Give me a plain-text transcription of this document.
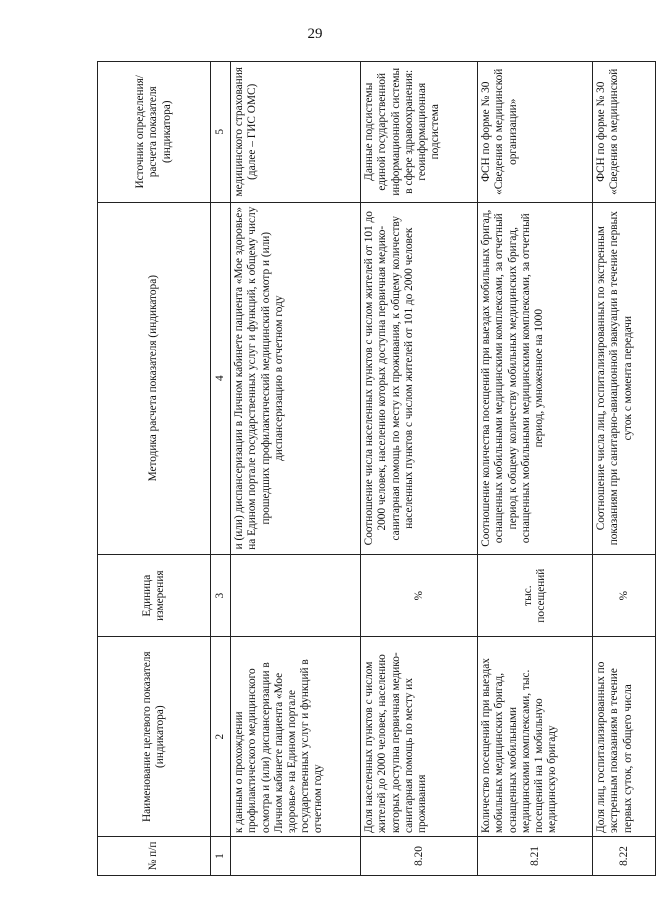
29
№ п/п	Наименование целевого показателя (индикатора)	Единица измерения	Методика расчета показателя (индикатора)	Источник определения/ расчета показателя (индикатора)
1	2	3	4	5
	к данным о прохождении профилактического медицинского осмотра и (или) диспансеризации в Личном кабинете пациента «Мое здоровье» на Едином портале государственных услуг и функций в отчетном году		и (или) диспансеризации в Личном кабинете пациента «Мое здоровье» на Едином портале государственных услуг и функций, к общему числу прошедших профилактический медицинский осмотр и (или) диспансеризацию в отчетном году	медицинского страхования (далее – ГИС ОМС)
8.20	Доля населенных пунктов с числом жителей до 2000 человек, населению которых доступна первичная медико-санитарная помощь по месту их проживания	%	Соотношение числа населенных пунктов с числом жителей от 101 до 2000 человек, населению которых доступна первичная медико-санитарная помощь по месту их проживания, к общему количеству населенных пунктов с числом жителей от 101 до 2000 человек	Данные подсистемы единой государственной информационной системы в сфере здравоохранения: геоинформационная подсистема
8.21	Количество посещений при выездах мобильных медицинских бригад, оснащенных мобильными медицинскими комплексами, тыс. посещений на 1 мобильную медицинскую бригаду	тыс. посещений	Соотношение количества посещений при выездах мобильных бригад, оснащенных мобильными медицинскими комплексами, за отчетный период к общему количеству мобильных медицинских бригад, оснащенных мобильными медицинскими комплексами, за отчетный период, умноженное на 1000	ФСН по форме № 30 «Сведения о медицинской организации»
8.22	Доля лиц, госпитализированных по экстренным показаниям в течение первых суток, от общего числа	%	Соотношение числа лиц, госпитализированных по экстренным показаниям при санитарно-авиационной эвакуации в течение первых суток с момента передачи	ФСН по форме № 30 «Сведения о медицинской
